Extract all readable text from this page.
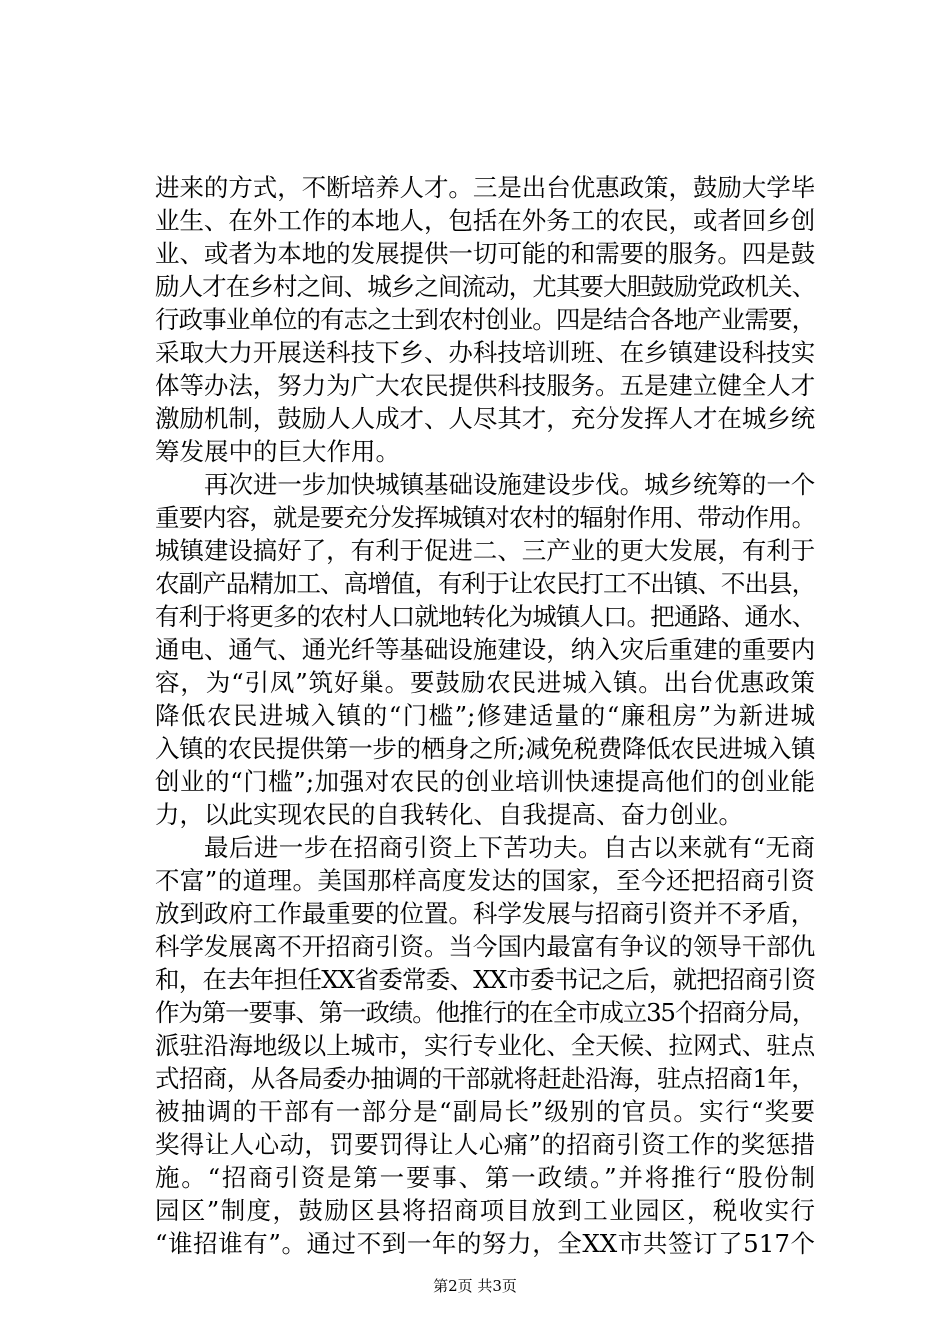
进来的方式，不断培养人才。三是出台优惠政策，鼓励大学毕
业生、在外工作的本地人，包括在外务工的农民，或者回乡创
业、或者为本地的发展提供一切可能的和需要的服务。四是鼓
励人才在乡村之间、城乡之间流动，尤其要大胆鼓励党政机关、
行政事业单位的有志之士到农村创业。四是结合各地产业需要，
采取大力开展送科技下乡、办科技培训班、在乡镇建设科技实
体等办法，努力为广大农民提供科技服务。五是建立健全人才
激励机制，鼓励人人成才、人尽其才，充分发挥人才在城乡统
筹发展中的巨大作用。
再次进一步加快城镇基础设施建设步伐。城乡统筹的一个
重要内容，就是要充分发挥城镇对农村的辐射作用、带动作用。
城镇建设搞好了，有利于促进二、三产业的更大发展，有利于
农副产品精加工、高增值，有利于让农民打工不出镇、不出县，
有利于将更多的农村人口就地转化为城镇人口。把通路、通水、
通电、通气、通光纤等基础设施建设，纳入灾后重建的重要内
容，为“引凤”筑好巢。要鼓励农民进城入镇。出台优惠政策
降低农民进城入镇的“门槛”;修建适量的“廉租房”为新进城
入镇的农民提供第一步的栖身之所;减免税费降低农民进城入镇
创业的“门槛”;加强对农民的创业培训快速提高他们的创业能
力，以此实现农民的自我转化、自我提高、奋力创业。
最后进一步在招商引资上下苦功夫。自古以来就有“无商
不富”的道理。美国那样高度发达的国家，至今还把招商引资
放到政府工作最重要的位置。科学发展与招商引资并不矛盾，
科学发展离不开招商引资。当今国内最富有争议的领导干部仇
和，在去年担任XX省委常委、XX市委书记之后，就把招商引资
作为第一要事、第一政绩。他推行的在全市成立35个招商分局，
派驻沿海地级以上城市，实行专业化、全天候、拉网式、驻点
式招商，从各局委办抽调的干部就将赶赴沿海，驻点招商1年，
被抽调的干部有一部分是“副局长”级别的官员。实行“奖要
奖得让人心动，罚要罚得让人心痛”的招商引资工作的奖惩措
施。“招商引资是第一要事、第一政绩。”并将推行“股份制
园区”制度，鼓励区县将招商项目放到工业园区，税收实行
“谁招谁有”。通过不到一年的努力，全XX市共签订了517个
第2页 共3页
